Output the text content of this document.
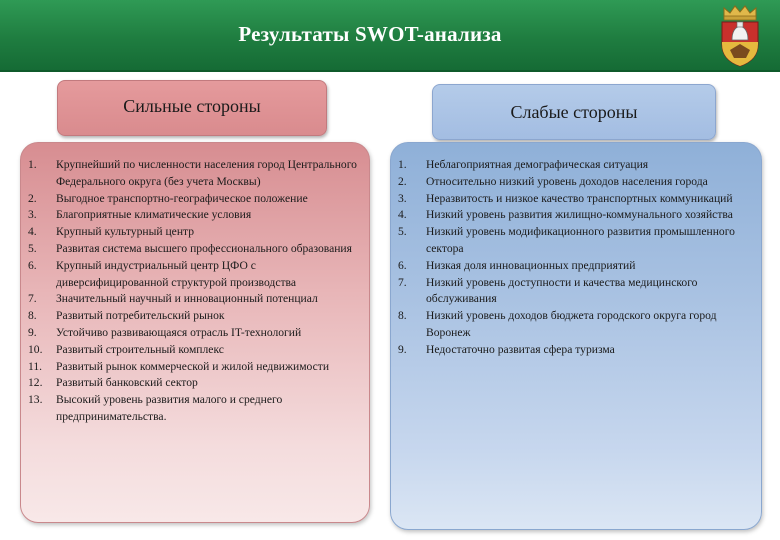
Результаты SWOT-анализа
Сильные стороны	Слабые стороны
1. Крупнейший по численности населения город Центрального Федерального округа (без учета Москвы)
2. Выгодное транспортно-географическое положение
3. Благоприятные климатические условия
4. Крупный культурный центр
5. Развитая система высшего профессионального образования
6. Крупный индустриальный центр ЦФО с диверсифицированной структурой производства
7. Значительный научный и инновационный потенциал
8. Развитый потребительский рынок
9. Устойчиво развивающаяся отрасль IT-технологий
10. Развитый строительный комплекс
11. Развитый рынок коммерческой и жилой недвижимости
12. Развитый банковский сектор
13. Высокий уровень развития малого и среднего предпринимательства.
1. Неблагоприятная демографическая ситуация
2. Относительно низкий уровень доходов населения города
3. Неразвитость и низкое качество транспортных коммуникаций
4. Низкий уровень развития жилищно-коммунального хозяйства
5. Низкий уровень модификационного развития промышленного сектора
6. Низкая доля инновационных предприятий
7. Низкий уровень доступности и качества медицинского обслуживания
8. Низкий уровень доходов бюджета городского округа город Воронеж
9. Недостаточно развитая сфера туризма
